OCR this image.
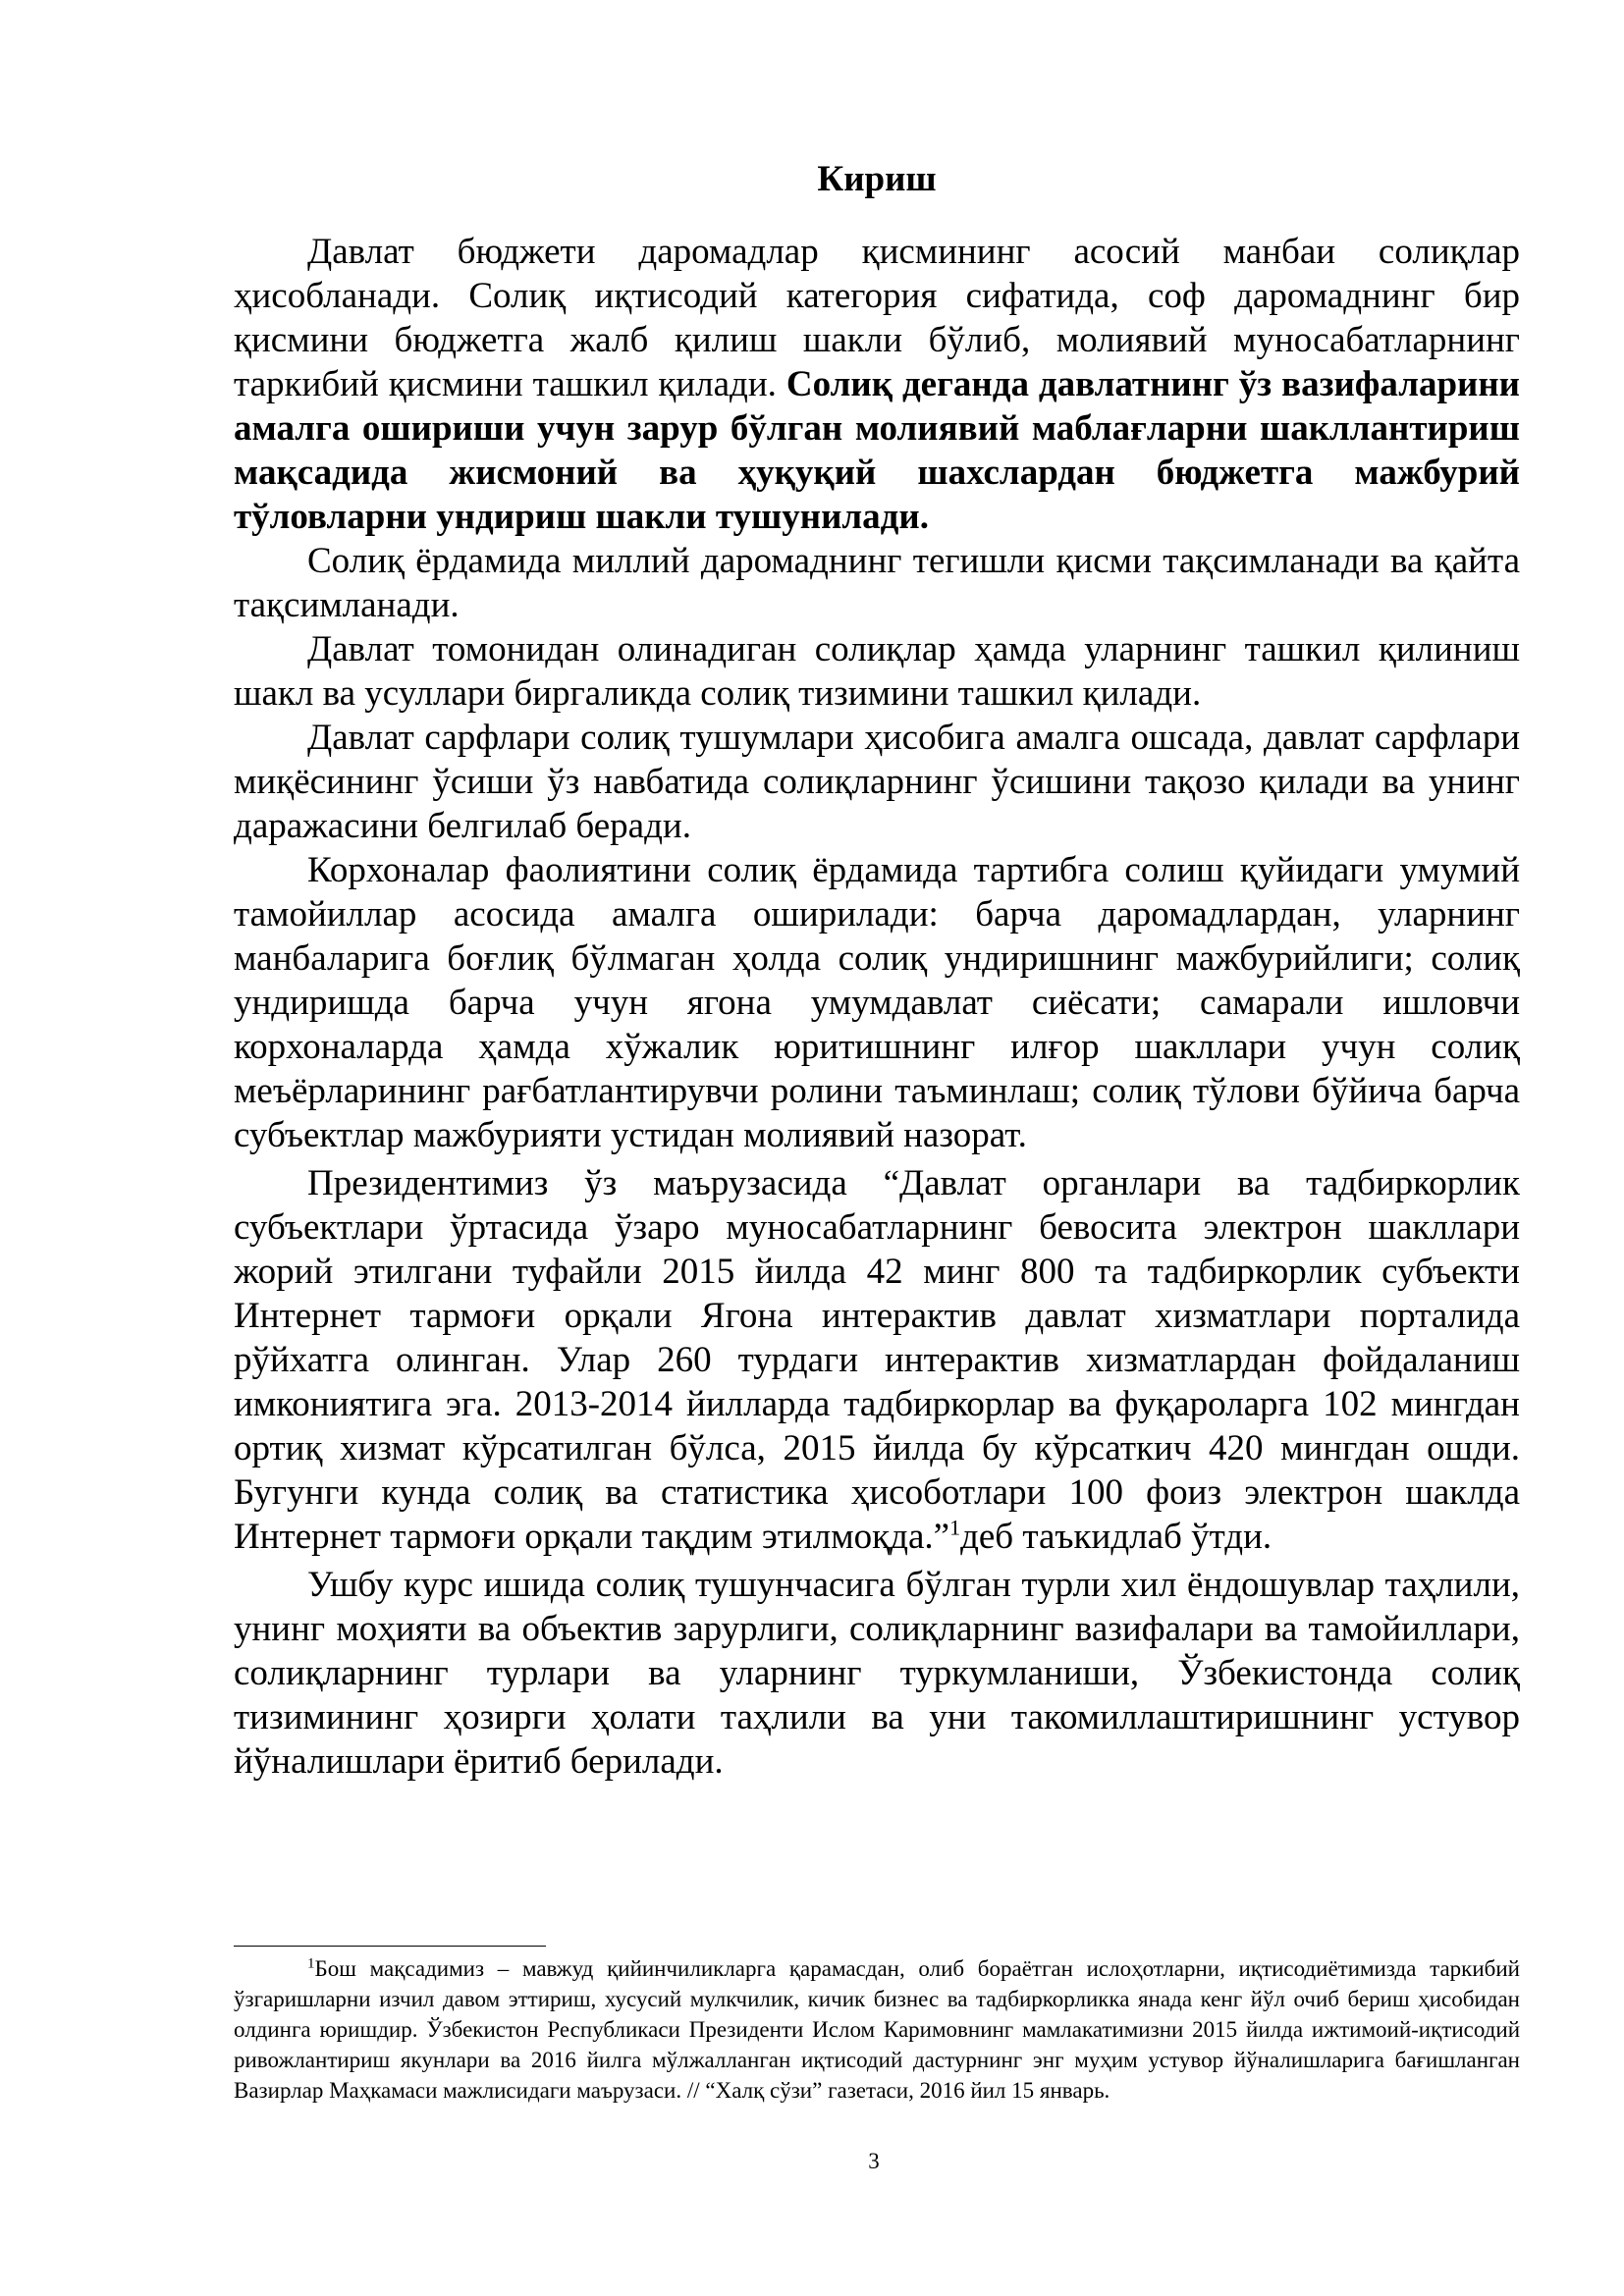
Кириш

Давлат бюджети даромадлар қисмининг асосий манбаи солиқлар ҳисобланади. Солиқ иқтисодий категория сифатида, соф даромаднинг бир қисмини бюджетга жалб қилиш шакли бўлиб, молиявий муносабатларнинг таркибий қисмини ташкил қилади. Солиқ деганда давлатнинг ўз вазифаларини амалга ошириши учун зарур бўлган молиявий маблағларни шакллантириш мақсадида жисмоний ва ҳуқуқий шахслардан бюджетга мажбурий тўловларни ундириш шакли тушунилади.

Солиқ ёрдамида миллий даромаднинг тегишли қисми тақсимланади ва қайта тақсимланади.

Давлат томонидан олинадиган солиқлар ҳамда уларнинг ташкил қилиниш шакл ва усуллари биргаликда солиқ тизимини ташкил қилади.

Давлат сарфлари солиқ тушумлари ҳисобига амалга ошсада, давлат сарфлари миқёсининг ўсиши ўз навбатида солиқларнинг ўсишини тақозо қилади ва унинг даражасини белгилаб беради.

Корхоналар фаолиятини солиқ ёрдамида тартибга солиш қуйидаги умумий тамойиллар асосида амалга оширилади: барча даромадлардан, уларнинг манбаларига боғлиқ бўлмаган ҳолда солиқ ундиришнинг мажбурийлиги; солиқ ундиришда барча учун ягона умумдавлат сиёсати; самарали ишловчи корхоналарда ҳамда хўжалик юритишнинг илғор шакллари учун солиқ меъёрларининг рағбатлантирувчи ролини таъминлаш; солиқ тўлови бўйича барча субъектлар мажбурияти устидан молиявий назорат.

Президентимиз ўз маърузасида “Давлат органлари ва тадбиркорлик субъектлари ўртасида ўзаро муносабатларнинг бевосита электрон шакллари жорий этилгани туфайли 2015 йилда 42 минг 800 та тадбиркорлик субъекти Интернет тармоғи орқали Ягона интерактив давлат хизматлари порталида рўйхатга олинган. Улар 260 турдаги интерактив хизматлардан фойдаланиш имкониятига эга. 2013-2014 йилларда тадбиркорлар ва фуқароларга 102 мингдан ортиқ хизмат кўрсатилган бўлса, 2015 йилда бу кўрсаткич 420 мингдан ошди. Бугунги кунда солиқ ва статистика ҳисоботлари 100 фоиз электрон шаклда Интернет тармоғи орқали тақдим этилмоқда.”$^1$деб таъкидлаб ўтди.

Ушбу курс ишида солиқ тушунчасига бўлган турли хил ёндошувлар таҳлили, унинг моҳияти ва объектив зарурлиги, солиқларнинг вазифалари ва тамойиллари, солиқларнинг турлари ва уларнинг туркумланиши, Ўзбекистонда солиқ тизимининг ҳозирги ҳолати таҳлили ва уни такомиллаштиришнинг устувор йўналишлари ёритиб берилади.

$^1$Бош мақсадимиз – мавжуд қийинчиликларга қарамасдан, олиб бораётган ислоҳотларни, иқтисодиётимизда таркибий ўзгаришларни изчил давом эттириш, хусусий мулкчилик, кичик бизнес ва тадбиркорликка янада кенг йўл очиб бериш ҳисобидан олдинга юришдир. Ўзбекистон Республикаси Президенти Ислом Каримовнинг мамлакатимизни 2015 йилда ижтимоий-иқтисодий ривожлантириш якунлари ва 2016 йилга мўлжалланган иқтисодий дастурнинг энг муҳим устувор йўналишларига бағишланган Вазирлар Маҳкамаси мажлисидаги маърузаси. // “Халқ сўзи” газетаси, 2016 йил 15 январь.

3
